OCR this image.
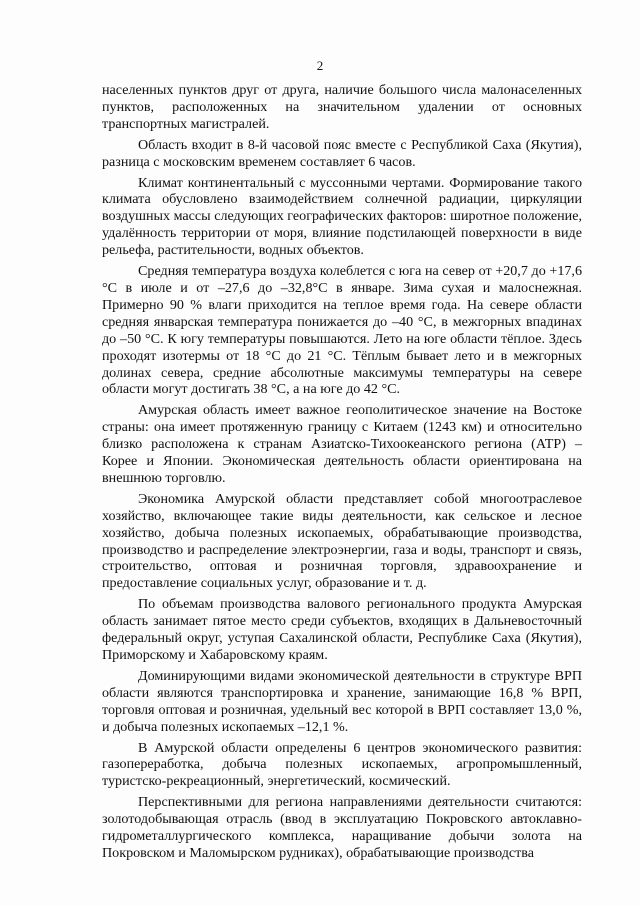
2

населенных пунктов друг от друга, наличие большого числа малонаселенных пунктов, расположенных на значительном удалении от основных транспортных магистралей.

Область входит в 8-й часовой пояс вместе с Республикой Саха (Якутия), разница с московским временем составляет 6 часов.

Климат континентальный с муссонными чертами. Формирование такого климата обусловлено взаимодействием солнечной радиации, циркуляции воздушных массы следующих географических факторов: широтное положение, удалённость территории от моря, влияние подстилающей поверхности в виде рельефа, растительности, водных объектов.

Средняя температура воздуха колеблется с юга на север от +20,7 до +17,6 °С в июле и от –27,6 до –32,8°С в январе. Зима сухая и малоснежная. Примерно 90 % влаги приходится на теплое время года. На севере области средняя январская температура понижается до –40 °С, в межгорных впадинах до –50 °С. К югу температуры повышаются. Лето на юге области тёплое. Здесь проходят изотермы от 18 °С до 21 °С. Тёплым бывает лето и в межгорных долинах севера, средние абсолютные максимумы температуры на севере области могут достигать 38 °С, а на юге до 42 °С.

Амурская область имеет важное геополитическое значение на Востоке страны: она имеет протяженную границу с Китаем (1243 км) и относительно близко расположена к странам Азиатско-Тихоокеанского региона (АТР) – Корее и Японии. Экономическая деятельность области ориентирована на внешнюю торговлю.

Экономика Амурской области представляет собой многоотраслевое хозяйство, включающее такие виды деятельности, как сельское и лесное хозяйство, добыча полезных ископаемых, обрабатывающие производства, производство и распределение электроэнергии, газа и воды, транспорт и связь, строительство, оптовая и розничная торговля, здравоохранение и предоставление социальных услуг, образование и т. д.

По объемам производства валового регионального продукта Амурская область занимает пятое место среди субъектов, входящих в Дальневосточный федеральный округ, уступая Сахалинской области, Республике Саха (Якутия), Приморскому и Хабаровскому краям.

Доминирующими видами экономической деятельности в структуре ВРП области являются транспортировка и хранение, занимающие 16,8 % ВРП, торговля оптовая и розничная, удельный вес которой в ВРП составляет 13,0 %, и добыча полезных ископаемых –12,1 %.

В Амурской области определены 6 центров экономического развития: газопереработка, добыча полезных ископаемых, агропромышленный, туристско-рекреационный, энергетический, космический.

Перспективными для региона направлениями деятельности считаются: золотодобывающая отрасль (ввод в эксплуатацию Покровского автоклавно-гидрометаллургического комплекса, наращивание добычи золота на Покровском и Маломырском рудниках), обрабатывающие производства
